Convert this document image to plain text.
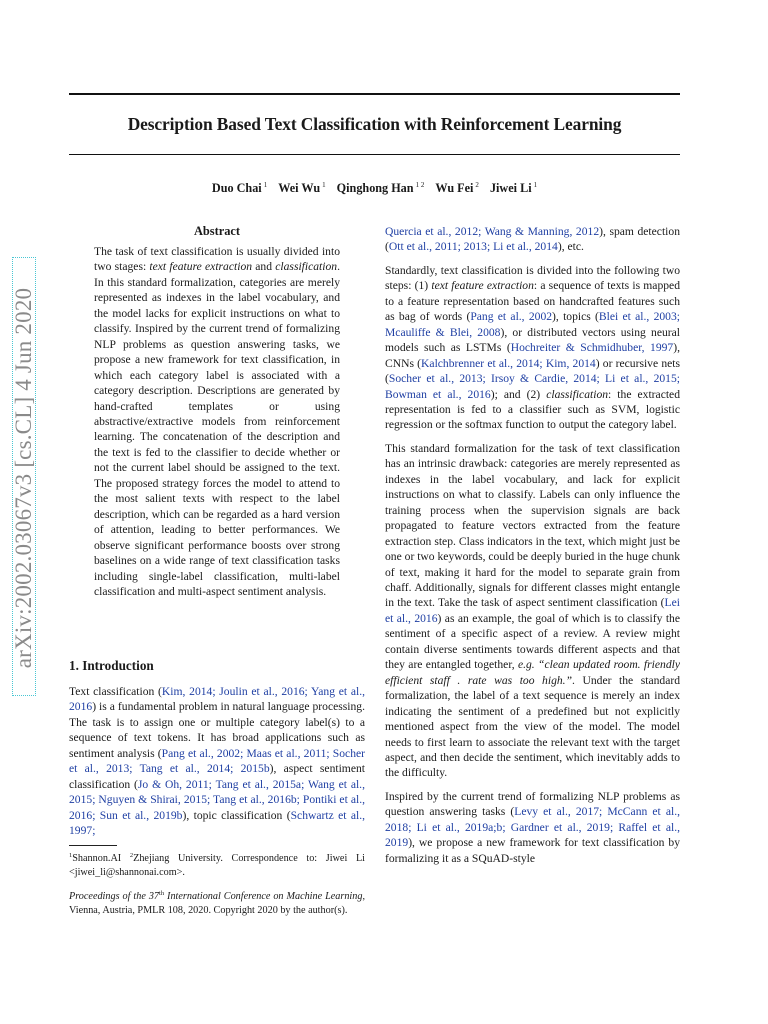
arXiv:2002.03067v3 [cs.CL] 4 Jun 2020
Description Based Text Classification with Reinforcement Learning
Duo Chai $^1$ Wei Wu $^1$ Qinghong Han $^{1 2}$ Wu Fei $^2$ Jiwei Li $^1$
Abstract
The task of text classification is usually divided into two stages: text feature extraction and classification. In this standard formalization, categories are merely represented as indexes in the label vocabulary, and the model lacks for explicit instructions on what to classify. Inspired by the current trend of formalizing NLP problems as question answering tasks, we propose a new framework for text classification, in which each category label is associated with a category description. Descriptions are generated by hand-crafted templates or using abstractive/extractive models from reinforcement learning. The concatenation of the description and the text is fed to the classifier to decide whether or not the current label should be assigned to the text. The proposed strategy forces the model to attend to the most salient texts with respect to the label description, which can be regarded as a hard version of attention, leading to better performances. We observe significant performance boosts over strong baselines on a wide range of text classification tasks including single-label classification, multi-label classification and multi-aspect sentiment analysis.
1. Introduction
Text classification (Kim, 2014; Joulin et al., 2016; Yang et al., 2016) is a fundamental problem in natural language processing. The task is to assign one or multiple category label(s) to a sequence of text tokens. It has broad applications such as sentiment analysis (Pang et al., 2002; Maas et al., 2011; Socher et al., 2013; Tang et al., 2014; 2015b), aspect sentiment classification (Jo & Oh, 2011; Tang et al., 2015a; Wang et al., 2015; Nguyen & Shirai, 2015; Tang et al., 2016b; Pontiki et al., 2016; Sun et al., 2019b), topic classification (Schwartz et al., 1997;
$^1$Shannon.AI $^2$Zhejiang University. Correspondence to: Jiwei Li <jiwei_li@shannonai.com>.
Proceedings of the 37th International Conference on Machine Learning, Vienna, Austria, PMLR 108, 2020. Copyright 2020 by the author(s).

Quercia et al., 2012; Wang & Manning, 2012), spam detection (Ott et al., 2011; 2013; Li et al., 2014), etc.

Standardly, text classification is divided into the following two steps: (1) text feature extraction: a sequence of texts is mapped to a feature representation based on handcrafted features such as bag of words (Pang et al., 2002), topics (Blei et al., 2003; Mcauliffe & Blei, 2008), or distributed vectors using neural models such as LSTMs (Hochreiter & Schmidhuber, 1997), CNNs (Kalchbrenner et al., 2014; Kim, 2014) or recursive nets (Socher et al., 2013; Irsoy & Cardie, 2014; Li et al., 2015; Bowman et al., 2016); and (2) classification: the extracted representation is fed to a classifier such as SVM, logistic regression or the softmax function to output the category label.

This standard formalization for the task of text classification has an intrinsic drawback: categories are merely represented as indexes in the label vocabulary, and lack for explicit instructions on what to classify. Labels can only influence the training process when the supervision signals are back propagated to feature vectors extracted from the feature extraction step. Class indicators in the text, which might just be one or two keywords, could be deeply buried in the huge chunk of text, making it hard for the model to separate grain from chaff. Additionally, signals for different classes might entangle in the text. Take the task of aspect sentiment classification (Lei et al., 2016) as an example, the goal of which is to classify the sentiment of a specific aspect of a review. A review might contain diverse sentiments towards different aspects and that they are entangled together, e.g. “clean updated room. friendly efficient staff . rate was too high.”. Under the standard formalization, the label of a text sequence is merely an index indicating the sentiment of a predefined but not explicitly mentioned aspect from the view of the model. The model needs to first learn to associate the relevant text with the target aspect, and then decide the sentiment, which inevitably adds to the difficulty.

Inspired by the current trend of formalizing NLP problems as question answering tasks (Levy et al., 2017; McCann et al., 2018; Li et al., 2019a;b; Gardner et al., 2019; Raffel et al., 2019), we propose a new framework for text classification by formalizing it as a SQuAD-style
